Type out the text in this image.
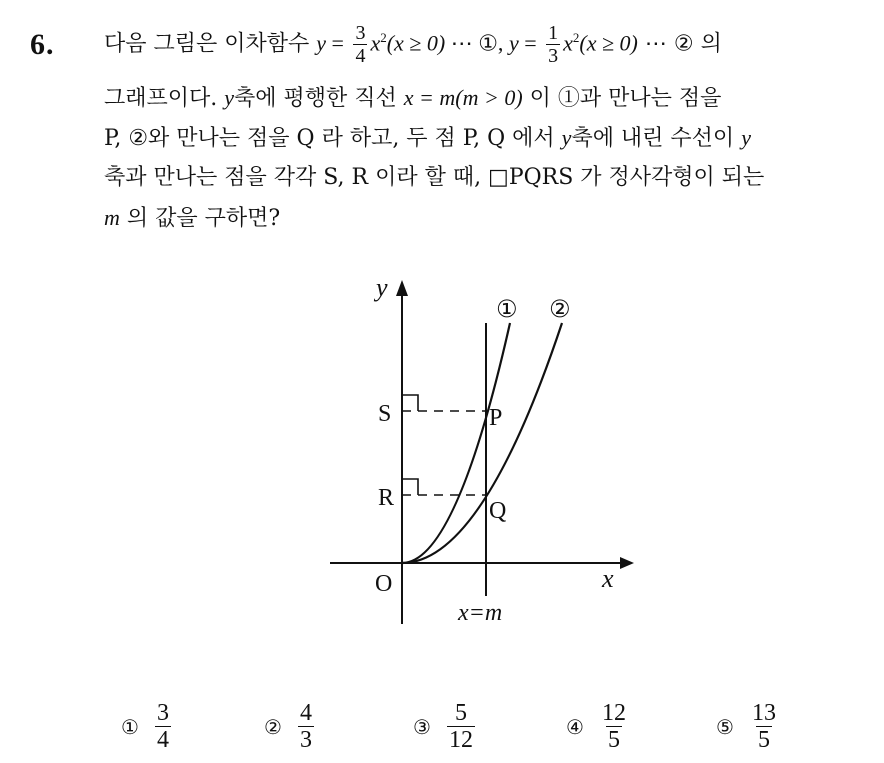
6. 다음 그림은 이차함수 $y = \frac{3}{4} x^2(x \ge 0)$ ⋯ ①, $y = \frac{1}{3} x^2(x \ge 0)$ ⋯ ② 의
그래프이다. y축에 평행한 직선 x = m(m > 0) 이 ①과 만나는 점을
P, ②와 만나는 점을 Q 라 하고, 두 점 P, Q 에서 y축에 내린 수선이 y
축과 만나는 점을 각각 S, R 이라 할 때, □PQRS 가 정사각형이 되는
m 의 값을 구하면?
y
x
O
① ②
P
Q
S
R
x=m
① $\frac{3}{4}$	② $\frac{4}{3}$	③ $\frac{5}{12}$	④ $\frac{12}{5}$	⑤ $\frac{13}{5}$
